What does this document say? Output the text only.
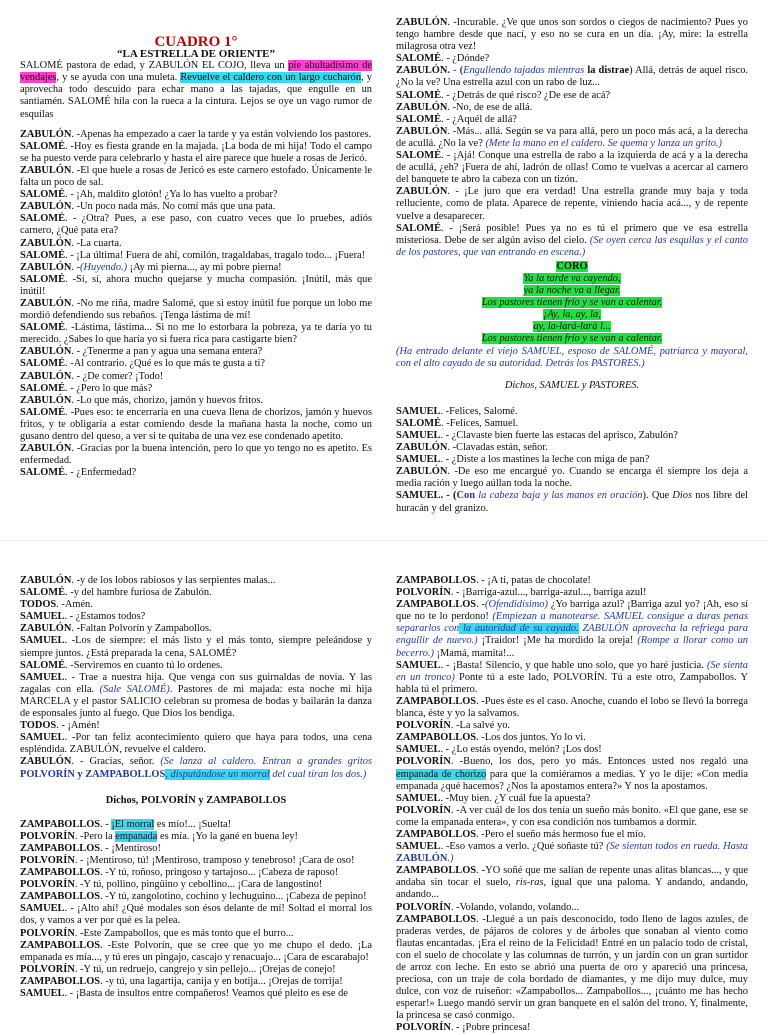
CUADRO 1°

“LA ESTRELLA DE ORIENTE”

SALOMÉ pastora de edad, y ZABULÓN EL COJO, lleva un pie abultadísimo de vendajes, y se ayuda con una muleta. Revuelve el caldero con un largo cucharón, y aprovecha todo descuido para echar mano a las tajadas, que engulle en un santiamén. SALOMÉ hila con la rueca a la cintura. Lejos se oye un vago rumor de esquilas

ZABULÓN. -Apenas ha empezado a caer la tarde y ya están volviendo los pastores.

SALOMÉ. -Hoy es fiesta grande en la majada. ¡La boda de mi hija! Todo el campo se ha puesto verde para celebrarlo y hasta el aire parece que huele a rosas de Jericó.

ZABULÓN. -El que huele a rosas de Jericó es este carnero estofado. Únicamente le falta un poco de sal.

SALOMÉ. - ¡Ah, maldito glotón! ¿Ya lo has vuelto a probar?

ZABULÓN. -Un poco nada más. No comí más que una pata.

SALOMÉ. - ¿Otra? Pues, a ese paso, con cuatro veces que lo pruebes, adiós carnero, ¿Qué pata era?

ZABULÓN. -La cuarta.

SALOMÉ. - ¡La última! Fuera de ahí, comilón, tragaldabas, tragalo todo... ¡Fuera!

ZABULÓN. -(Huyendo.) ¡Ay mi pierna..., ay mi pobre pierna!

SALOMÉ. -Sí, sí, ahora mucho quejarse y mucha compasión. ¡Inútil, más que inútil!

ZABULÓN. -No me riña, madre Salomé, que si estoy inútil fue porque un lobo me mordió defendiendo sus rebaños. ¡Tenga lástima de mí!

SALOMÉ. -Lástima, lástima... Si no me lo estorbara la pobreza, ya te daría yo tu merecido. ¿Sabes lo que haría yo si fuera rica para castigarte bien?

ZABULÓN. - ¿Tenerme a pan y agua una semana entera?

SALOMÉ. -Al contrario. ¿Qué es lo que más te gusta a ti?

ZABULÓN. - ¿De comer? ¡Todo!

SALOMÉ. - ¿Pero lo que más?

ZABULÓN. -Lo que más, chorizo, jamón y huevos fritos.

SALOMÉ. -Pues eso: te encerraría en una cueva llena de chorizos, jamón y huevos fritos, y te obligaría a estar comiendo desde la mañana hasta la noche, como un gusano dentro del queso, a ver si te quitaba de una vez ese condenado apetito.

ZABULÓN. -Gracias por la buena intención, pero lo que yo tengo no es apetito. Es enfermedad.

SALOMÉ. - ¿Enfermedad?

ZABULÓN. -Incurable. ¿Ve que unos son sordos o ciegos de nacimiento? Pues yo tengo hambre desde que nací, y eso no se cura en un día. ¡Ay, mire: la estrella milagrosa otra vez!

SALOMÉ. - ¿Dónde?

ZABULÓN. - (Engullendo tajadas mientras la distrae) Allá, detrás de aquel risco. ¿No la ve? Una estrella azul con un rabo de luz...

SALOMÉ. - ¿Detrás de qué risco? ¿De ese de acá?

ZABULÓN. -No, de ese de allá.

SALOMÉ. - ¿Aquél de allá?

ZABULÓN. -Más... allá. Según se va para allá, pero un poco más acá, a la derecha de acullá. ¿No la ve? (Mete la mano en el caldero. Se quema y lanza un grito.)

SALOMÉ. - ¡Ajá! Conque una estrella de rabo a la izquierda de acá y a la derecha de acullá, ¿eh? ¡Fuera de ahí, ladrón de ollas! Como te vuelvas a acercar al carnero del banquete te abro la cabeza con un tizón.

ZABULÓN. - ¡Le juro que era verdad! Una estrella grande muy baja y toda relluciente, como de plata. Aparece de repente, viniendo hacia acá..., y de repente vuelve a desaparecer.

SALOMÉ. - ¡Será posible! Pues ya no es tú el primero que ve esa estrella misteriosa. Debe de ser algún aviso del cielo. (Se oyen cerca las esquilas y el canto de los pastores, que van entrando en escena.)

CORO
Ya la tarde va cayendo,
ya la noche va a llegar.
Los pastores tienen frío y se van a calentar.
¡Ay, la, ay, la,
ay, la-lará-lará l...
Los pastores tienen frío y se van a calentar.

(Ha entrado delante el viejo SAMUEL, esposo de SALOMÉ, patriarca y mayoral, con el alto cayado de su autoridad. Detrás los PASTORES.)

Dichos, SAMUEL y PASTORES.

SAMUEL. -Felices, Salomé.

SALOMÉ. -Felices, Samuel.

SAMUEL. - ¿Clavaste bien fuerte las estacas del aprisco, Zabulón?

ZABULÓN. -Clavadas están, señor.

SAMUEL. - ¿Diste a los mastines la leche con miga de pan?

ZABULÓN. -De eso me encargué yo. Cuando se encarga él siempre los deja a media ración y luego aúllan toda la noche.

SAMUEL. - (Con la cabeza baja y las manos en oración). Que Dios nos libre del huracán y del granizo.

ZABULÓN. -y de los lobos rabiosos y las serpientes malas...

SALOMÉ. -y del hambre furiosa de Zabulón.

TODOS. -Amén.

SAMUEL. - ¿Estamos todos?

ZABULÓN. -Faltan Polvorín y Zampabollos.

SAMUEL. -Los de siempre: el más listo y el más tonto, siempre peleándose y siempre juntos. ¿Está preparada la cena, SALOMÉ?

SALOMÉ. -Serviremos en cuanto tú lo ordenes.

SAMUEL. - Trae a nuestra hija. Que venga con sus guirnaldas de novia. Y las zagalas con ella. (Sale SALOMÉ). Pastores de mi majada: esta noche mi hija MARCELA y el pastor SALICIO celebran su promesa de bodas y bailarán la danza de esponsales junto al fuego. Que Dios los bendiga.

TODOS. - ¡Amén!

SAMUEL. -Por tan feliz acontecimiento quiero que haya para todos, una cena espléndida. ZABULÓN, revuelve el caldero.

ZABULÓN. - Gracias, señor. (Se lanza al caldero. Entran a grandes gritos POLVORÍN y ZAMPABOLLOS, disputándose un morral del cual tiran los dos.)

Dichos, POLVORÍN y ZAMPABOLLOS

ZAMPABOLLOS. - ¡El morral es mío!... ¡Suelta!

POLVORÍN. -Pero la empanada es mía. ¡Yo la gané en buena ley!

ZAMPABOLLOS. - ¡Mentiroso!

POLVORÍN. - ¡Mentiroso, tú! ¡Mentiroso, tramposo y tenebroso! ¡Cara de oso!

ZAMPABOLLOS. -Y tú, roñoso, pringoso y tartajoso... ¡Cabeza de raposo!

POLVORÍN. -Y tú, pollino, pingüino y cebollino... ¡Cara de langostino!

ZAMPABOLLOS. -Y tú, zangolotino, cochino y lechuguino... ¡Cabeza de pepino!

SAMUEL. - ¡Alto ahí! ¿Qué modales son ésos delante de mí! Soltad el morral los dos, y vamos a ver por qué es la pelea.

POLVORÍN. -Este Zampabollos, que es más tonto que el burro...

ZAMPABOLLOS. -Este Polvorín, que se cree que yo me chupo el dedo. ¡La empanada es mía..., y tú eres un pingajo, cascajo y renacuajo... ¡Cara de escarabajo!

POLVORÍN. -Y tú, un redruejo, cangrejo y sin pellejo... ¡Orejas de conejo!

ZAMPABOLLOS. -y tú, una lagartija, canija y en botija... ¡Orejas de torrija!

SAMUEL. - ¡Basta de insultos entre compañeros! Veamos qué pleito es ese de

ZAMPABOLLOS. - ¡A ti, patas de chocolate!

POLVORÍN. - ¡Barriga-azul..., barriga-azul..., barriga azul!

ZAMPABOLLOS. -(Ofendidísimo) ¿Yo barriga azul? ¡Barriga azul yo? ¡Ah, eso sí que no te lo perdono! (Empiezan a manotearse. SAMUEL consigue a duras penas separarlos con la autoridad de su cayado. ZABULÓN aprovecha la refriega para engullir de nuevo.) ¡Traidor! ¡Me ha mordido la oreja! (Rompe a llorar como un becerro.) ¡Mamá, mamita!...

SAMUEL. - ¡Basta! Silencio, y que hable uno solo, que yo haré justicia. (Se sienta en un tronco) Ponte tú a este lado, POLVORÍN. Tú a este otro, Zampabollos. Y habla tú el primero.

ZAMPABOLLOS. -Pues éste es el caso. Anoche, cuando el lobo se llevó la borrega blanca, éste y yo la salvamos.

POLVORÍN. -La salvé yo.

ZAMPABOLLOS. -Los dos juntos. Yo lo vi.

SAMUEL. - ¿Lo estás oyendo, melón? ¡Los dos!

POLVORÍN. -Bueno, los dos, pero yo más. Entonces usted nos regaló una empanada de chorizo para que la comiéramos a medias. Y yo le dije: «Con media empanada ¿qué hacemos? ¿Nos la apostamos entera?» Y nos la apostamos.

SAMUEL. -Muy bien. ¿Y cuál fue la apuesta?

POLVORÍN. -A ver cuál de los dos tenía un sueño más bonito. «El que gane, ese se come la empanada entera», y con esa condición nos tumbamos a dormir.

ZAMPABOLLOS. -Pero el sueño más hermoso fue el mío.

SAMUEL. -Eso vamos a verlo. ¿Qué soñaste tú? (Se sientan todos en rueda. Hasta ZABULÓN.)

ZAMPABOLLOS. -YO soñé que me salían de repente unas alitas blancas..., y que andaba sin tocar el suelo, ris-ras, igual que una paloma. Y andando, andando, andando...

POLVORÍN. -Volando, volando, volando...

ZAMPABOLLOS. -Llegué a un país desconocido, todo lleno de lagos azules, de praderas verdes, de pájaros de colores y de árboles que sonaban al viento como flautas encantadas. ¡Era el reino de la Felicidad! Entré en un palacio todo de cristal, con el suelo de chocolate y las columnas de turrón, y un jardín con un gran surtidor de arroz con leche. En esto se abrió una puerta de oro y apareció una princesa, preciosa, con un traje de cola bordado de diamantes, y me dijo muy dulce, muy dulce, con voz de ruiseñor: «Zampabollos... Zampabollos..., ¡cuánto me has hecho esperar!» Luego mandó servir un gran banquete en el salón del trono. Y, finalmente, la princesa se casó conmigo.

POLVORÍN. - ¡Pobre princesa!
